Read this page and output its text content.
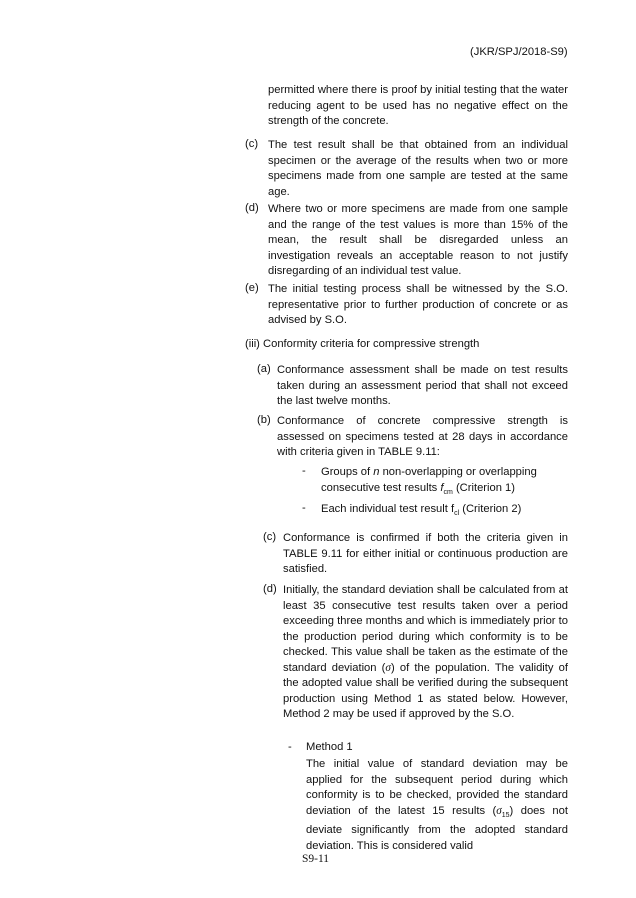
(JKR/SPJ/2018-S9)

permitted where there is proof by initial testing that the water reducing agent to be used has no negative effect on the strength of the concrete.

(c) The test result shall be that obtained from an individual specimen or the average of the results when two or more specimens made from one sample are tested at the same age.

(d) Where two or more specimens are made from one sample and the range of the test values is more than 15% of the mean, the result shall be disregarded unless an investigation reveals an acceptable reason to not justify disregarding of an individual test value.

(e) The initial testing process shall be witnessed by the S.O. representative prior to further production of concrete or as advised by S.O.

(iii) Conformity criteria for compressive strength
(a) Conformance assessment shall be made on test results taken during an assessment period that shall not exceed the last twelve months.

(b) Conformance of concrete compressive strength is assessed on specimens tested at 28 days in accordance with criteria given in TABLE 9.11:

- Groups of n non-overlapping or overlapping consecutive test results $f_{cm}$ (Criterion 1)

- Each individual test result $f_{cl}$ (Criterion 2)

(c) Conformance is confirmed if both the criteria given in TABLE 9.11 for either initial or continuous production are satisfied.

(d) Initially, the standard deviation shall be calculated from at least 35 consecutive test results taken over a period exceeding three months and which is immediately prior to the production period during which conformity is to be checked. This value shall be taken as the estimate of the standard deviation (σ) of the population. The validity of the adopted value shall be verified during the subsequent production using Method 1 as stated below. However, Method 2 may be used if approved by the S.O.

- Method 1

The initial value of standard deviation may be applied for the subsequent period during which conformity is to be checked, provided the standard deviation of the latest 15 results $(\sigma_{15})$ does not deviate significantly from the adopted standard deviation. This is considered valid

S9-11
